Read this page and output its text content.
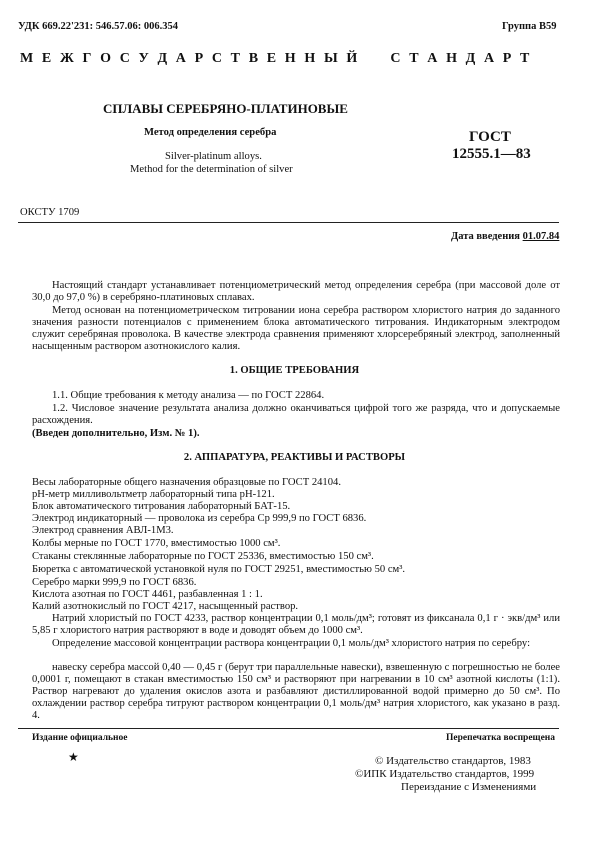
УДК 669.22'231: 546.57.06: 006.354	Группа В59
М Е Ж Г О С У Д А Р С Т В Е Н Н Ы Й     С Т А Н Д А Р Т
СПЛАВЫ СЕРЕБРЯНО-ПЛАТИНОВЫЕ
Метод определения серебра
Silver-platinum alloys.
Method for the determination of silver
ГОСТ
12555.1—83
ОКСТУ 1709
Дата введения 01.07.84
Настоящий стандарт устанавливает потенциометрический метод определения серебра (при массовой доле от 30,0 до 97,0 %) в серебряно-платиновых сплавах.
Метод основан на потенциометрическом титровании иона серебра раствором хлористого натрия до заданного значения разности потенциалов с применением блока автоматического титрования. Индикаторным электродом служит серебряная проволока. В качестве электрода сравнения применяют хлорсеребряный электрод, заполненный насыщенным раствором азотнокислого калия.
1. ОБЩИЕ ТРЕБОВАНИЯ
1.1. Общие требования к методу анализа — по ГОСТ 22864.
1.2. Числовое значение результата анализа должно оканчиваться цифрой того же разряда, что и допускаемые расхождения.
(Введен дополнительно, Изм. № 1).
2. АППАРАТУРА, РЕАКТИВЫ И РАСТВОРЫ
Весы лабораторные общего назначения образцовые по ГОСТ 24104.
рН-метр милливольтметр лабораторный типа рН-121.
Блок автоматического титрования лабораторный БАТ-15.
Электрод индикаторный — проволока из серебра Ср 999,9 по ГОСТ 6836.
Электрод сравнения АВЛ-1М3.
Колбы мерные по ГОСТ 1770, вместимостью 1000 см³.
Стаканы стеклянные лабораторные по ГОСТ 25336, вместимостью 150 см³.
Бюретка с автоматической установкой нуля по ГОСТ 29251, вместимостью 50 см³.
Серебро марки 999,9 по ГОСТ 6836.
Кислота азотная по ГОСТ 4461, разбавленная 1 : 1.
Калий азотнокислый по ГОСТ 4217, насыщенный раствор.
Натрий хлористый по ГОСТ 4233, раствор концентрации 0,1 моль/дм³; готовят из фиксанала 0,1 г · экв/дм³ или 5,85 г хлористого натрия растворяют в воде и доводят объем до 1000 см³.
Определение массовой концентрации раствора концентрации 0,1 моль/дм³ хлористого натрия по серебру:
навеску серебра массой 0,40 — 0,45 г (берут три параллельные навески), взвешенную с погрешностью не более 0,0001 г, помещают в стакан вместимостью 150 см³ и растворяют при нагревании в 10 см³ азотной кислоты (1:1). Раствор нагревают до удаления окислов азота и разбавляют дистиллированной водой примерно до 50 см³. По охлаждении раствор серебра титруют раствором концентрации 0,1 моль/дм³ натрия хлористого, как указано в разд. 4.
Издание официальное	Перепечатка воспрещена
★	© Издательство стандартов, 1983
©ИПК Издательство стандартов, 1999
Переиздание с Изменениями
